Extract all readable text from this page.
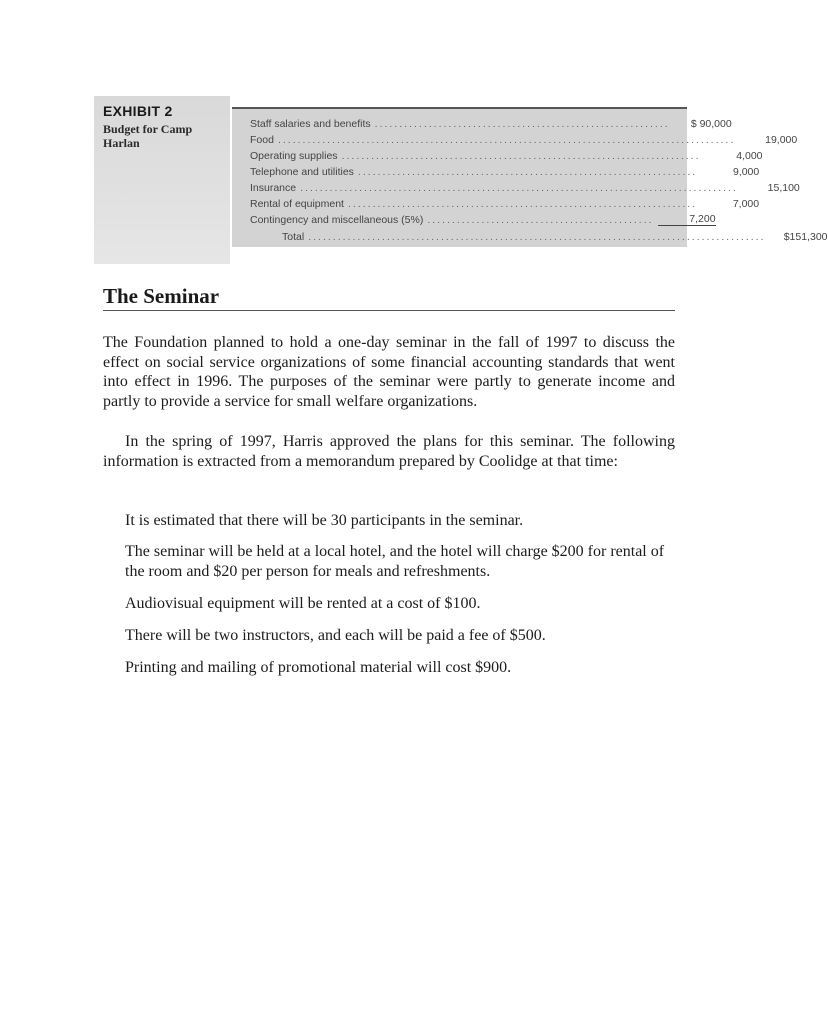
EXHIBIT 2
Budget for Camp Harlan
Staff salaries and benefits ............................................................	$ 90,000
Food .............................................................................................	19,000
Operating supplies .........................................................................	4,000
Telephone and utilities .....................................................................	9,000
Insurance .........................................................................................	15,100
Rental of equipment .......................................................................	7,000
Contingency and miscellaneous (5%) ..............................................	7,200
Total .............................................................................................	$151,300
The Seminar
The Foundation planned to hold a one-day seminar in the fall of 1997 to discuss the effect on social service organizations of some financial accounting standards that went into effect in 1996. The purposes of the seminar were partly to generate income and partly to provide a service for small welfare organizations.
In the spring of 1997, Harris approved the plans for this seminar. The following information is extracted from a memorandum prepared by Coolidge at that time:
It is estimated that there will be 30 participants in the seminar.
The seminar will be held at a local hotel, and the hotel will charge $200 for rental of the room and $20 per person for meals and refreshments.
Audiovisual equipment will be rented at a cost of $100.
There will be two instructors, and each will be paid a fee of $500.
Printing and mailing of promotional material will cost $900.
